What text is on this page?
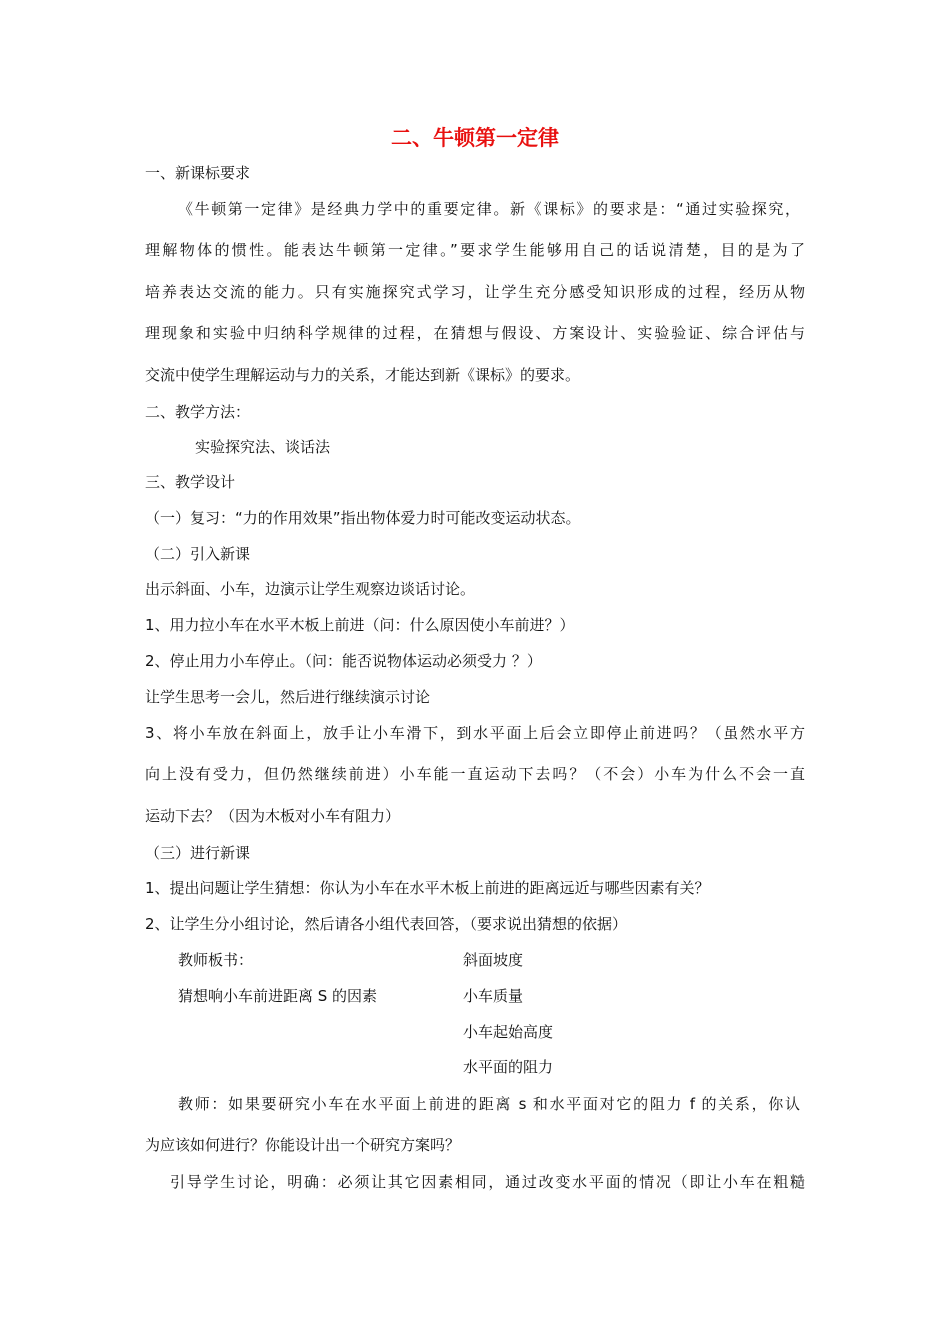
二、牛顿第一定律
一、新课标要求
《牛顿第一定律》是经典力学中的重要定律。新《课标》的要求是：“通过实验探究，
理解物体的惯性。能表达牛顿第一定律。”要求学生能够用自己的话说清楚，目的是为了
培养表达交流的能力。只有实施探究式学习，让学生充分感受知识形成的过程，经历从物
理现象和实验中归纳科学规律的过程，在猜想与假设、方案设计、实验验证、综合评估与
交流中使学生理解运动与力的关系，才能达到新《课标》的要求。
二、教学方法：
实验探究法、谈话法
三、教学设计
（一）复习：“力的作用效果”指出物体爱力时可能改变运动状态。
（二）引入新课
出示斜面、小车，边演示让学生观察边谈话讨论。
1、用力拉小车在水平木板上前进（问：什么原因使小车前进？）
2、停止用力小车停止。（问：能否说物体运动必须受力 ？）
让学生思考一会儿，然后进行继续演示讨论
3、将小车放在斜面上，放手让小车滑下，到水平面上后会立即停止前进吗？（虽然水平方
向上没有受力，但仍然继续前进）小车能一直运动下去吗？（不会）小车为什么不会一直
运动下去？（因为木板对小车有阻力）
（三）进行新课
1、提出问题让学生猜想：你认为小车在水平木板上前进的距离远近与哪些因素有关？
2、让学生分小组讨论，然后请各小组代表回答，（要求说出猜想的依据）
教师板书：
猜想响小车前进距离 S 的因素
斜面坡度
小车质量
小车起始高度
水平面的阻力
教师：如果要研究小车在水平面上前进的距离 s 和水平面对它的阻力 f 的关系，你认
为应该如何进行？你能设计出一个研究方案吗？
引导学生讨论，明确：必须让其它因素相同，通过改变水平面的情况（即让小车在粗糙
